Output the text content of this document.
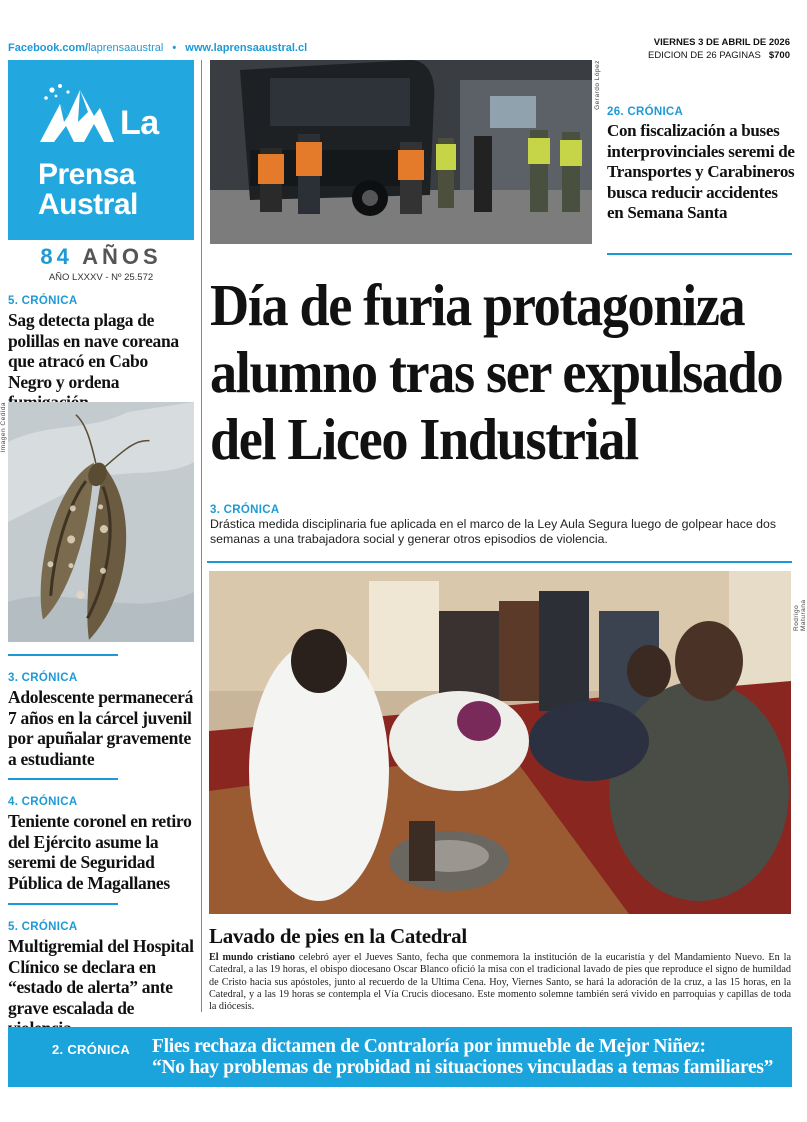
Facebook.com/laprensaaustral • www.laprensaaustral.cl	VIERNES 3 DE ABRIL DE 2026
EDICION DE 26 PAGINAS $700
La
Prensa
Austral
84 AÑOS
AÑO LXXXV - Nº 25.572
5. CRÓNICA
Sag detecta plaga de polillas en nave coreana que atracó en Cabo Negro y ordena
Imagen Cedida
3. CRÓNICA
Adolescente permanecerá 7 años en la cárcel juvenil por apuñalar gravemente a estudiante
4. CRÓNICA
Teniente coronel en retiro del Ejército asume la seremi de Seguridad Pública de Magallanes
5. CRÓNICA
Multigremial del Hospital Clínico se declara en “estado de alerta” ante grave escalada de
Gerardo López
26. CRÓNICA
Con fiscalización a buses interprovinciales seremi de Transportes y Carabineros busca reducir accidentes en Semana Santa
Día de furia protagoniza
alumno tras ser expulsado
del Liceo Industrial
3. CRÓNICA
Drástica medida disciplinaria fue aplicada en el marco de la Ley Aula Segura luego de golpear hace dos semanas a una trabajadora social y generar otros episodios de violencia.
Rodrigo Maturana
Lavado de pies en la Catedral
El mundo cristiano celebró ayer el Jueves Santo, fecha que conmemora la institución de la eucaristía y del Mandamiento Nuevo. En la Catedral, a las 19 horas, el obispo diocesano Oscar Blanco ofició la misa con el tradicional lavado de pies que reproduce el signo de humildad de Cristo hacia sus apóstoles, junto al recuerdo de la Ultima Cena. Hoy, Viernes Santo, se hará la adoración de la cruz, a las 15 horas, en la Catedral, y a las 19 horas se contempla el Vía Crucis diocesano. Este momento solemne también será vivido en parroquias y capillas de toda la diócesis.
2. CRÓNICA Flies rechaza dictamen de Contraloría por inmueble de Mejor Niñez:
“No hay problemas de probidad ni situaciones vinculadas a temas familiares”
